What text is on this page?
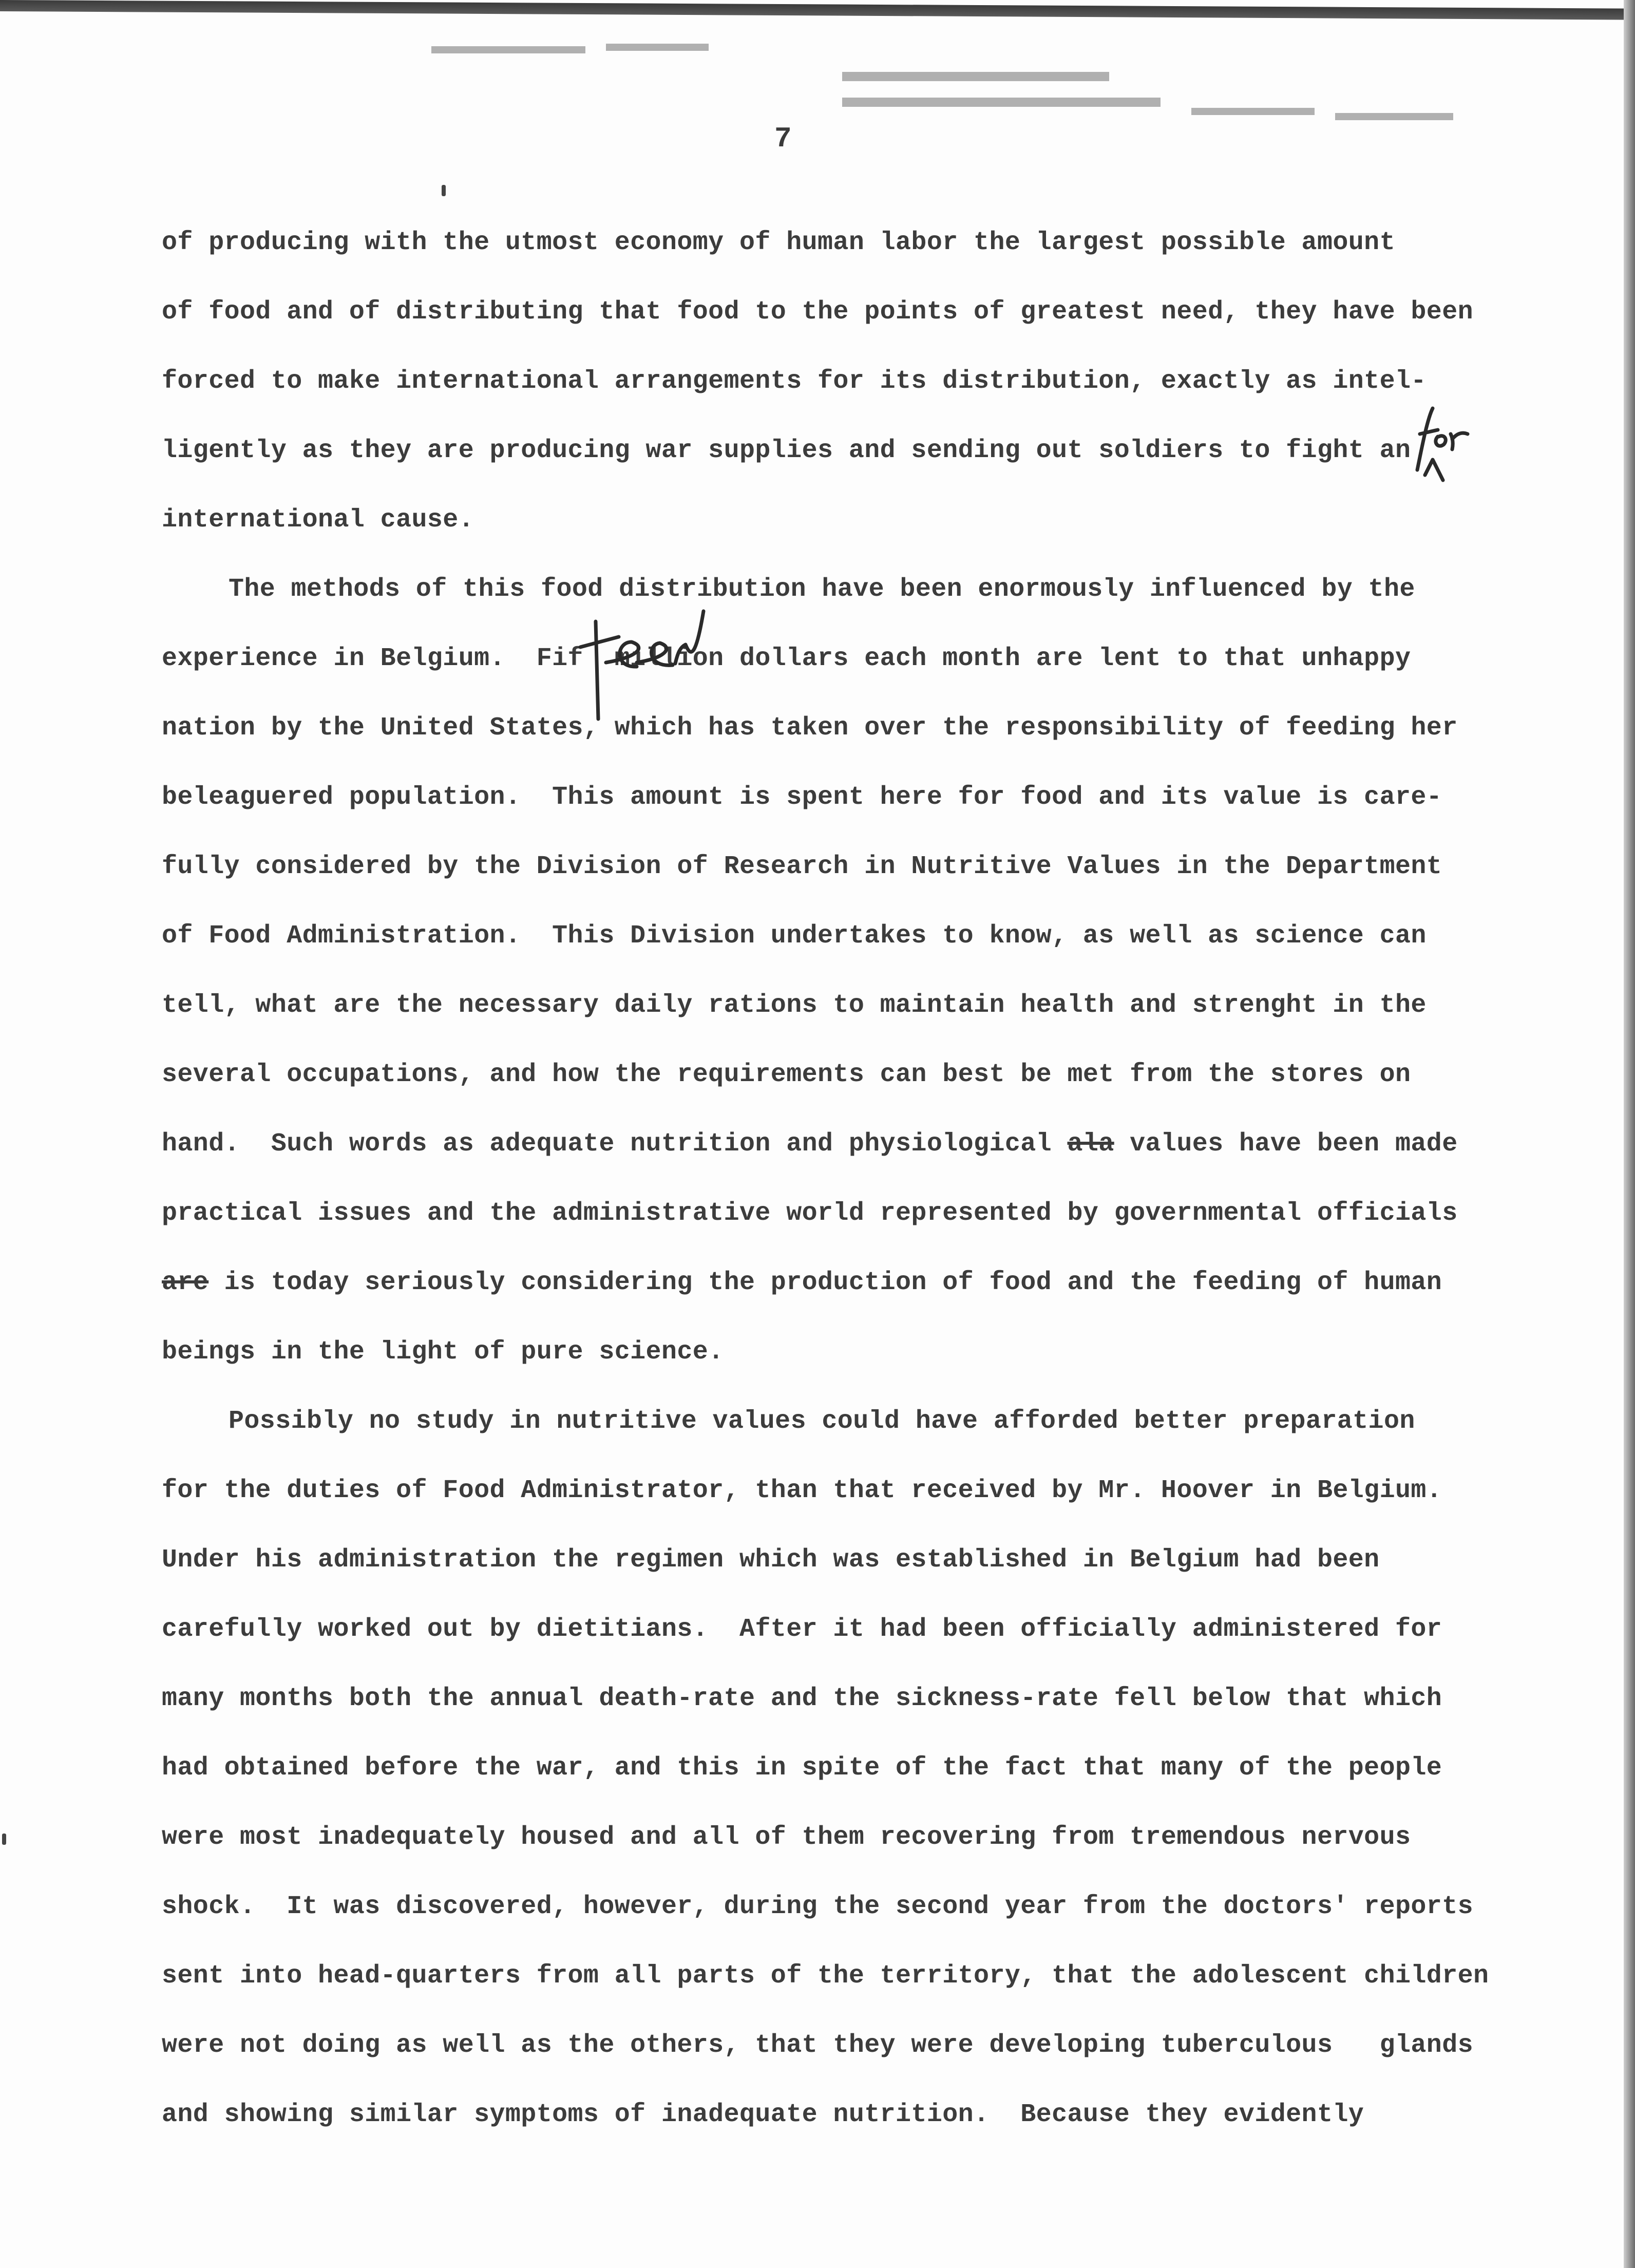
7
of producing with the utmost economy of human labor the largest possible amount
of food and of distributing that food to the points of greatest need, they have been
forced to make international arrangements for its distribution, exactly as intel-
ligently as they are producing war supplies and sending out soldiers to fight an
international cause.
The methods of this food distribution have been enormously influenced by the
experience in Belgium.  Fif  million dollars each month are lent to that unhappy
nation by the United States, which has taken over the responsibility of feeding her
beleaguered population.  This amount is spent here for food and its value is care-
fully considered by the Division of Research in Nutritive Values in the Department
of Food Administration.  This Division undertakes to know, as well as science can
tell, what are the necessary daily rations to maintain health and strenght in the
several occupations, and how the requirements can best be met from the stores on
hand.  Such words as adequate nutrition and physiological ala values have been made
practical issues and the administrative world represented by governmental officials
are is today seriously considering the production of food and the feeding of human
beings in the light of pure science.
Possibly no study in nutritive values could have afforded better preparation
for the duties of Food Administrator, than that received by Mr. Hoover in Belgium.
Under his administration the regimen which was established in Belgium had been
carefully worked out by dietitians.  After it had been officially administered for
many months both the annual death-rate and the sickness-rate fell below that which
had obtained before the war, and this in spite of the fact that many of the people
were most inadequately housed and all of them recovering from tremendous nervous
shock.  It was discovered, however, during the second year from the doctors' reports
sent into head-quarters from all parts of the territory, that the adolescent children
were not doing as well as the others, that they were developing tuberculous   glands
and showing similar symptoms of inadequate nutrition.  Because they evidently
